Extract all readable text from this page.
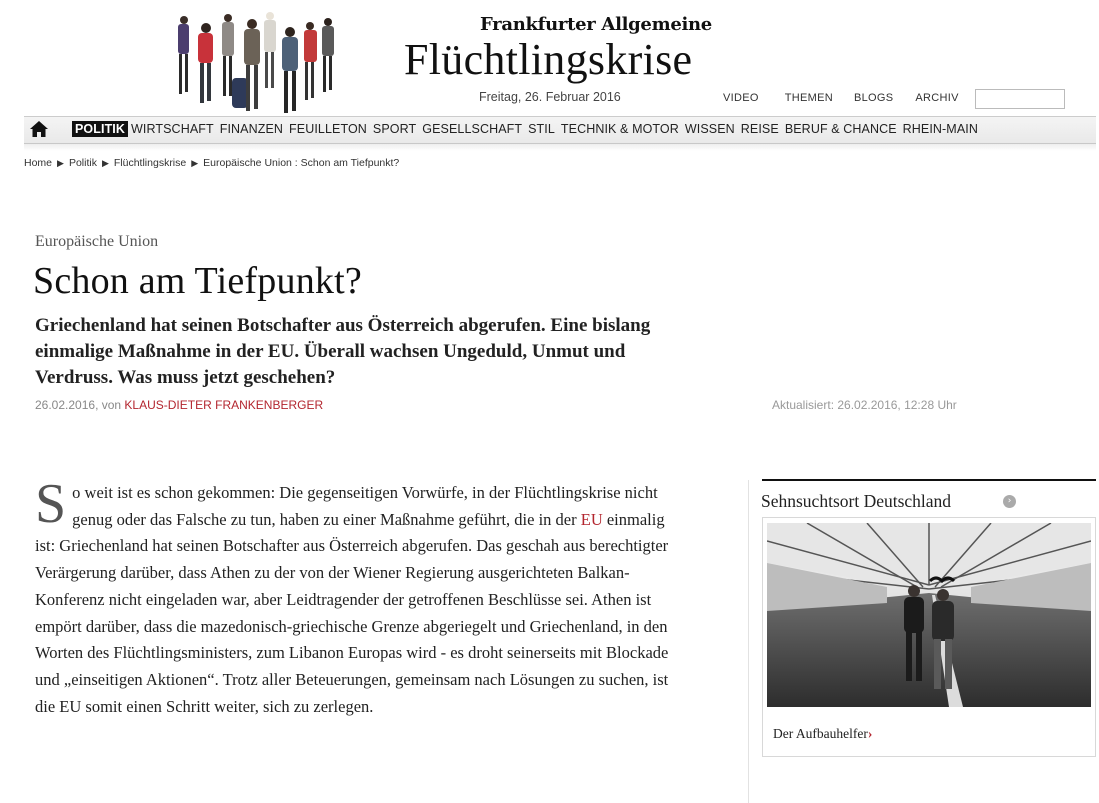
Frankfurter Allgemeine
Flüchtlingskrise
Freitag, 26. Februar 2016	VIDEO THEMEN BLOGS ARCHIV
POLITIK WIRTSCHAFT FINANZEN FEUILLETON SPORT GESELLSCHAFT STIL TECHNIK & MOTOR WISSEN REISE BERUF & CHANCE RHEIN-MAIN
Home ▶ Politik ▶ Flüchtlingskrise ▶ Europäische Union : Schon am Tiefpunkt?
Europäische Union
Schon am Tiefpunkt?
Griechenland hat seinen Botschafter aus Österreich abgerufen. Eine bislang einmalige Maßnahme in der EU. Überall wachsen Ungeduld, Unmut und Verdruss. Was muss jetzt geschehen?
26.02.2016, von KLAUS-DIETER FRANKENBERGER	Aktualisiert: 26.02.2016, 12:28 Uhr
So weit ist es schon gekommen: Die gegenseitigen Vorwürfe, in der Flüchtlingskrise nicht genug oder das Falsche zu tun, haben zu einer Maßnahme geführt, die in der EU einmalig ist: Griechenland hat seinen Botschafter aus Österreich abgerufen. Das geschah aus berechtigter Verärgerung darüber, dass Athen zu der von der Wiener Regierung ausgerichteten Balkan-Konferenz nicht eingeladen war, aber Leidtragender der getroffenen Beschlüsse sei. Athen ist empört darüber, dass die mazedonisch-griechische Grenze abgeriegelt und Griechenland, in den Worten des Flüchtlingsministers, zum Libanon Europas wird - es droht seinerseits mit Blockade und „einseitigen Aktionen“. Trotz aller Beteuerungen, gemeinsam nach Lösungen zu suchen, ist die EU somit einen Schritt weiter, sich zu zerlegen.
Sehnsuchtsort Deutschland	›
Der Aufbauhelfer›
